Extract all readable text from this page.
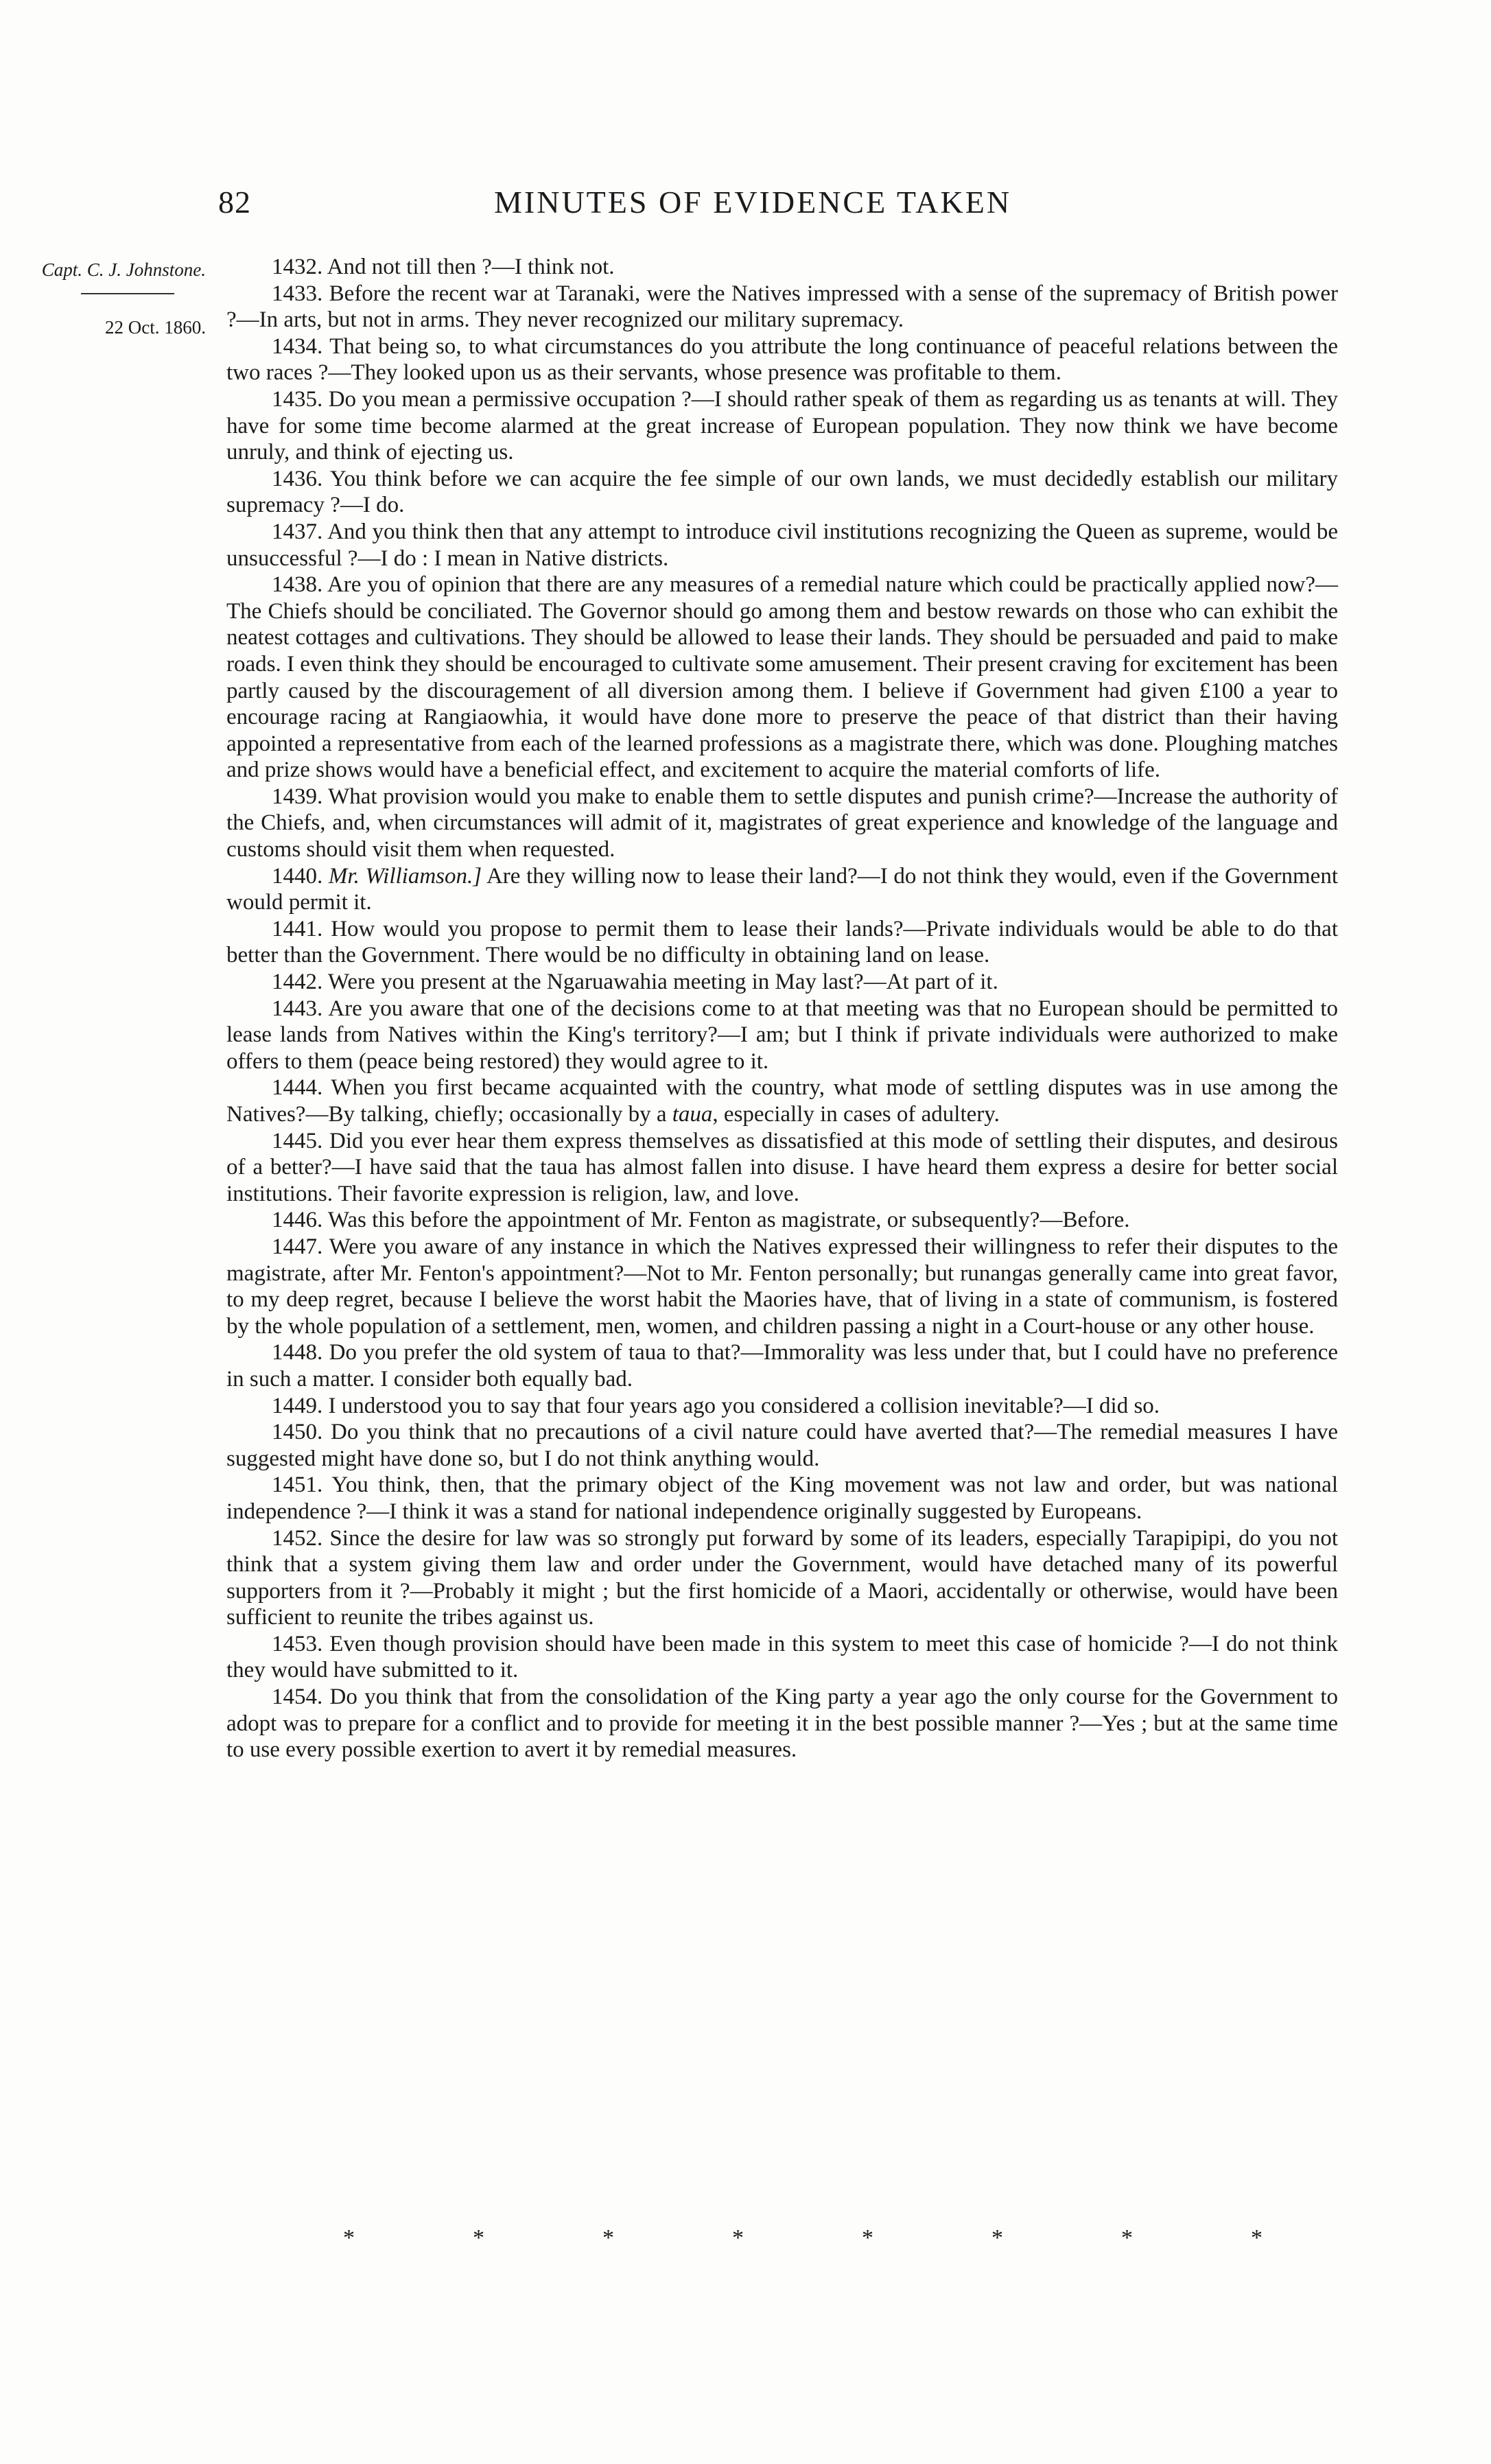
82	MINUTES OF EVIDENCE TAKEN
Capt. C. J. Johnstone.
22 Oct. 1860.

1432. And not till then ?—I think not.

1433. Before the recent war at Taranaki, were the Natives impressed with a sense of the supremacy of British power ?—In arts, but not in arms. They never recognized our military supremacy.

1434. That being so, to what circumstances do you attribute the long continuance of peaceful relations between the two races ?—They looked upon us as their servants, whose presence was profitable to them.

1435. Do you mean a permissive occupation ?—I should rather speak of them as regarding us as tenants at will. They have for some time become alarmed at the great increase of European population. They now think we have become unruly, and think of ejecting us.

1436. You think before we can acquire the fee simple of our own lands, we must decidedly establish our military supremacy ?—I do.

1437. And you think then that any attempt to introduce civil institutions recognizing the Queen as supreme, would be unsuccessful ?—I do : I mean in Native districts.

1438. Are you of opinion that there are any measures of a remedial nature which could be practically applied now?—The Chiefs should be conciliated. The Governor should go among them and bestow rewards on those who can exhibit the neatest cottages and cultivations. They should be allowed to lease their lands. They should be persuaded and paid to make roads. I even think they should be encouraged to cultivate some amusement. Their present craving for excitement has been partly caused by the discouragement of all diversion among them. I believe if Government had given £100 a year to encourage racing at Rangiaowhia, it would have done more to preserve the peace of that district than their having appointed a representative from each of the learned professions as a magistrate there, which was done. Ploughing matches and prize shows would have a beneficial effect, and excitement to acquire the material comforts of life.

1439. What provision would you make to enable them to settle disputes and punish crime?—Increase the authority of the Chiefs, and, when circumstances will admit of it, magistrates of great experience and knowledge of the language and customs should visit them when requested.

1440. Mr. Williamson.] Are they willing now to lease their land?—I do not think they would, even if the Government would permit it.

1441. How would you propose to permit them to lease their lands?—Private individuals would be able to do that better than the Government. There would be no difficulty in obtaining land on lease.

1442. Were you present at the Ngaruawahia meeting in May last?—At part of it.

1443. Are you aware that one of the decisions come to at that meeting was that no European should be permitted to lease lands from Natives within the King's territory?—I am; but I think if private individuals were authorized to make offers to them (peace being restored) they would agree to it.

1444. When you first became acquainted with the country, what mode of settling disputes was in use among the Natives?—By talking, chiefly; occasionally by a taua, especially in cases of adultery.

1445. Did you ever hear them express themselves as dissatisfied at this mode of settling their disputes, and desirous of a better?—I have said that the taua has almost fallen into disuse. I have heard them express a desire for better social institutions. Their favorite expression is religion, law, and love.

1446. Was this before the appointment of Mr. Fenton as magistrate, or subsequently?—Before.

1447. Were you aware of any instance in which the Natives expressed their willingness to refer their disputes to the magistrate, after Mr. Fenton's appointment?—Not to Mr. Fenton personally; but runangas generally came into great favor, to my deep regret, because I believe the worst habit the Maories have, that of living in a state of communism, is fostered by the whole population of a settlement, men, women, and children passing a night in a Court-house or any other house.

1448. Do you prefer the old system of taua to that?—Immorality was less under that, but I could have no preference in such a matter. I consider both equally bad.

1449. I understood you to say that four years ago you considered a collision inevitable?—I did so.

1450. Do you think that no precautions of a civil nature could have averted that?—The remedial measures I have suggested might have done so, but I do not think anything would.

1451. You think, then, that the primary object of the King movement was not law and order, but was national independence ?—I think it was a stand for national independence originally suggested by Europeans.

1452. Since the desire for law was so strongly put forward by some of its leaders, especially Tarapipipi, do you not think that a system giving them law and order under the Government, would have detached many of its powerful supporters from it ?—Probably it might ; but the first homicide of a Maori, accidentally or otherwise, would have been sufficient to reunite the tribes against us.

1453. Even though provision should have been made in this system to meet this case of homicide ?—I do not think they would have submitted to it.

1454. Do you think that from the consolidation of the King party a year ago the only course for the Government to adopt was to prepare for a conflict and to provide for meeting it in the best possible manner ?—Yes ; but at the same time to use every possible exertion to avert it by remedial measures.

*	*	*	*	*	*	*	*
